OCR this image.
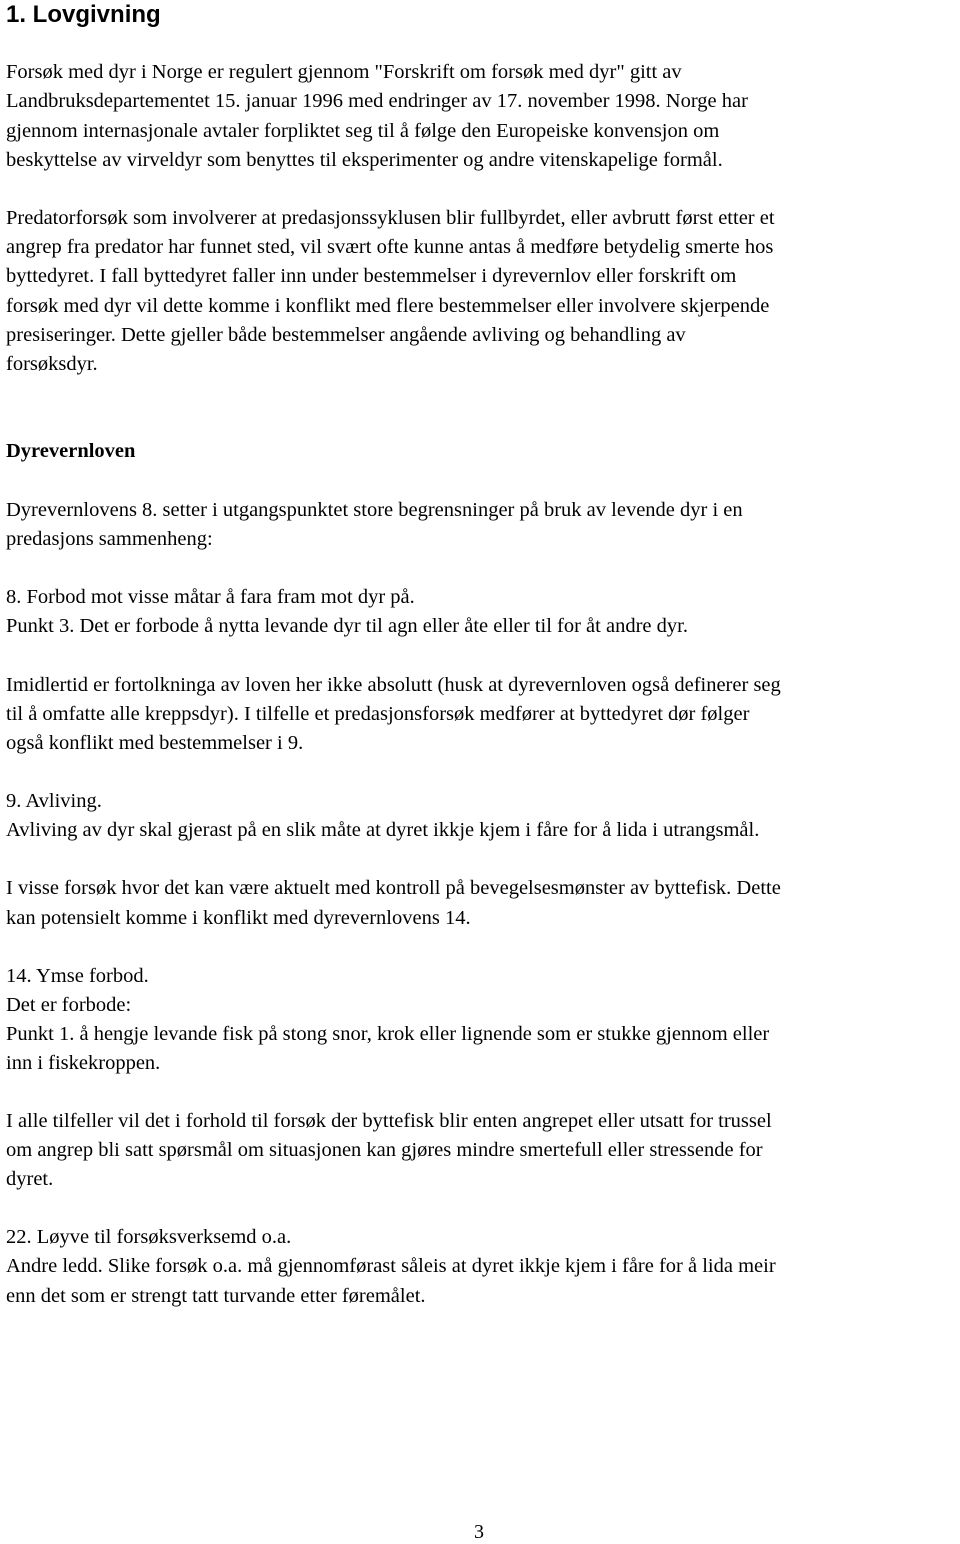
1. Lovgivning

Forsøk med dyr i Norge er regulert gjennom "Forskrift om forsøk med dyr" gitt av

Landbruksdepartementet 15. januar 1996 med endringer av 17. november 1998. Norge har

gjennom internasjonale avtaler forpliktet seg til å følge den Europeiske konvensjon om

beskyttelse av virveldyr som benyttes til eksperimenter og andre vitenskapelige formål.

Predatorforsøk som involverer at predasjonssyklusen blir fullbyrdet, eller avbrutt først etter et

angrep fra predator har funnet sted, vil svært ofte kunne antas å medføre betydelig smerte hos

byttedyret. I fall byttedyret faller inn under bestemmelser i dyrevernlov eller forskrift om

forsøk med dyr vil dette komme i konflikt med flere bestemmelser eller involvere skjerpende

presiseringer. Dette gjeller både bestemmelser angående avliving og behandling av

forsøksdyr.

Dyrevernloven

Dyrevernlovens 8. setter i utgangspunktet store begrensninger på bruk av levende dyr i en

predasjons sammenheng:

8. Forbod mot visse måtar å fara fram mot dyr på.

Punkt 3. Det er forbode å nytta levande dyr til agn eller åte eller til for åt andre dyr.

Imidlertid er fortolkninga av loven her ikke absolutt (husk at dyrevernloven også definerer seg

til å omfatte alle kreppsdyr). I tilfelle et predasjonsforsøk medfører at byttedyret dør følger

også konflikt med bestemmelser i 9.

9. Avliving.

Avliving av dyr skal gjerast på en slik måte at dyret ikkje kjem i fåre for å lida i utrangsmål.

I visse forsøk hvor det kan være aktuelt med kontroll på bevegelsesmønster av byttefisk. Dette

kan potensielt komme i konflikt med dyrevernlovens 14.

14. Ymse forbod.

Det er forbode:

Punkt 1. å hengje levande fisk på stong snor, krok eller lignende som er stukke gjennom eller

inn i fiskekroppen.

I alle tilfeller vil det i forhold til forsøk der byttefisk blir enten angrepet eller utsatt for trussel

om angrep bli satt spørsmål om situasjonen kan gjøres mindre smertefull eller stressende for

dyret.

22. Løyve til forsøksverksemd o.a.

Andre ledd. Slike forsøk o.a. må gjennomførast såleis at dyret ikkje kjem i fåre for å lida meir

enn det som er strengt tatt turvande etter føremålet.

3
